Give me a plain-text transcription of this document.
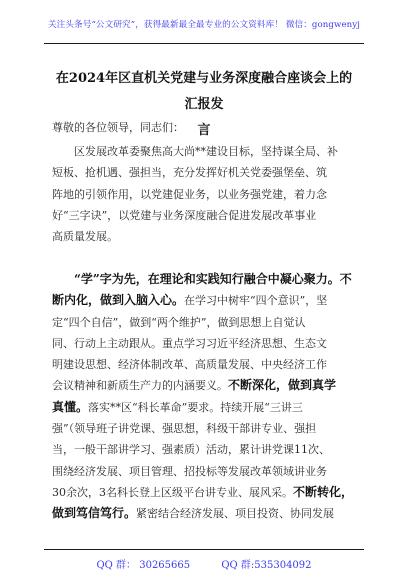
关注头条号“公文研究”，获得最新最全最专业的公文资料库！ 微信：gongwenyj
在2024年区直机关党建与业务深度融合座谈会上的汇报发
言
尊敬的各位领导，同志们：
区发展改革委聚焦高大尚**建设目标，坚持谋全局、补
短板、抢机遇、强担当，充分发挥好机关党委强堡垒、筑
阵地的引领作用，以党建促业务，以业务强党建，着力念
好“三字诀”，以党建与业务深度融合促进发展改革事业
高质量发展。
“学”字为先，在理论和实践知行融合中凝心聚力。不
断内化，做到入脑入心。在学习中树牢“四个意识”，坚
定“四个自信”，做到“两个维护”，做到思想上自觉认
同、行动上主动跟从。重点学习习近平经济思想、生态文
明建设思想、经济体制改革、高质量发展、中央经济工作
会议精神和新质生产力的内涵要义。不断深化，做到真学
真懂。落实**区“科长革命”要求。持续开展“三讲三
强”（领导班子讲党课、强思想，科级干部讲专业、强担
当，一般干部讲学习、强素质）活动，累计讲党课11次、
围绕经济发展、项目管理、招投标等发展改革领域讲业务
30余次，3名科长登上区级平台讲专业、展风采。不断转化，
做到笃信笃行。紧密结合经济发展、项目投资、协同发展
QQ 群： 30265665	QQ 群:535304092
